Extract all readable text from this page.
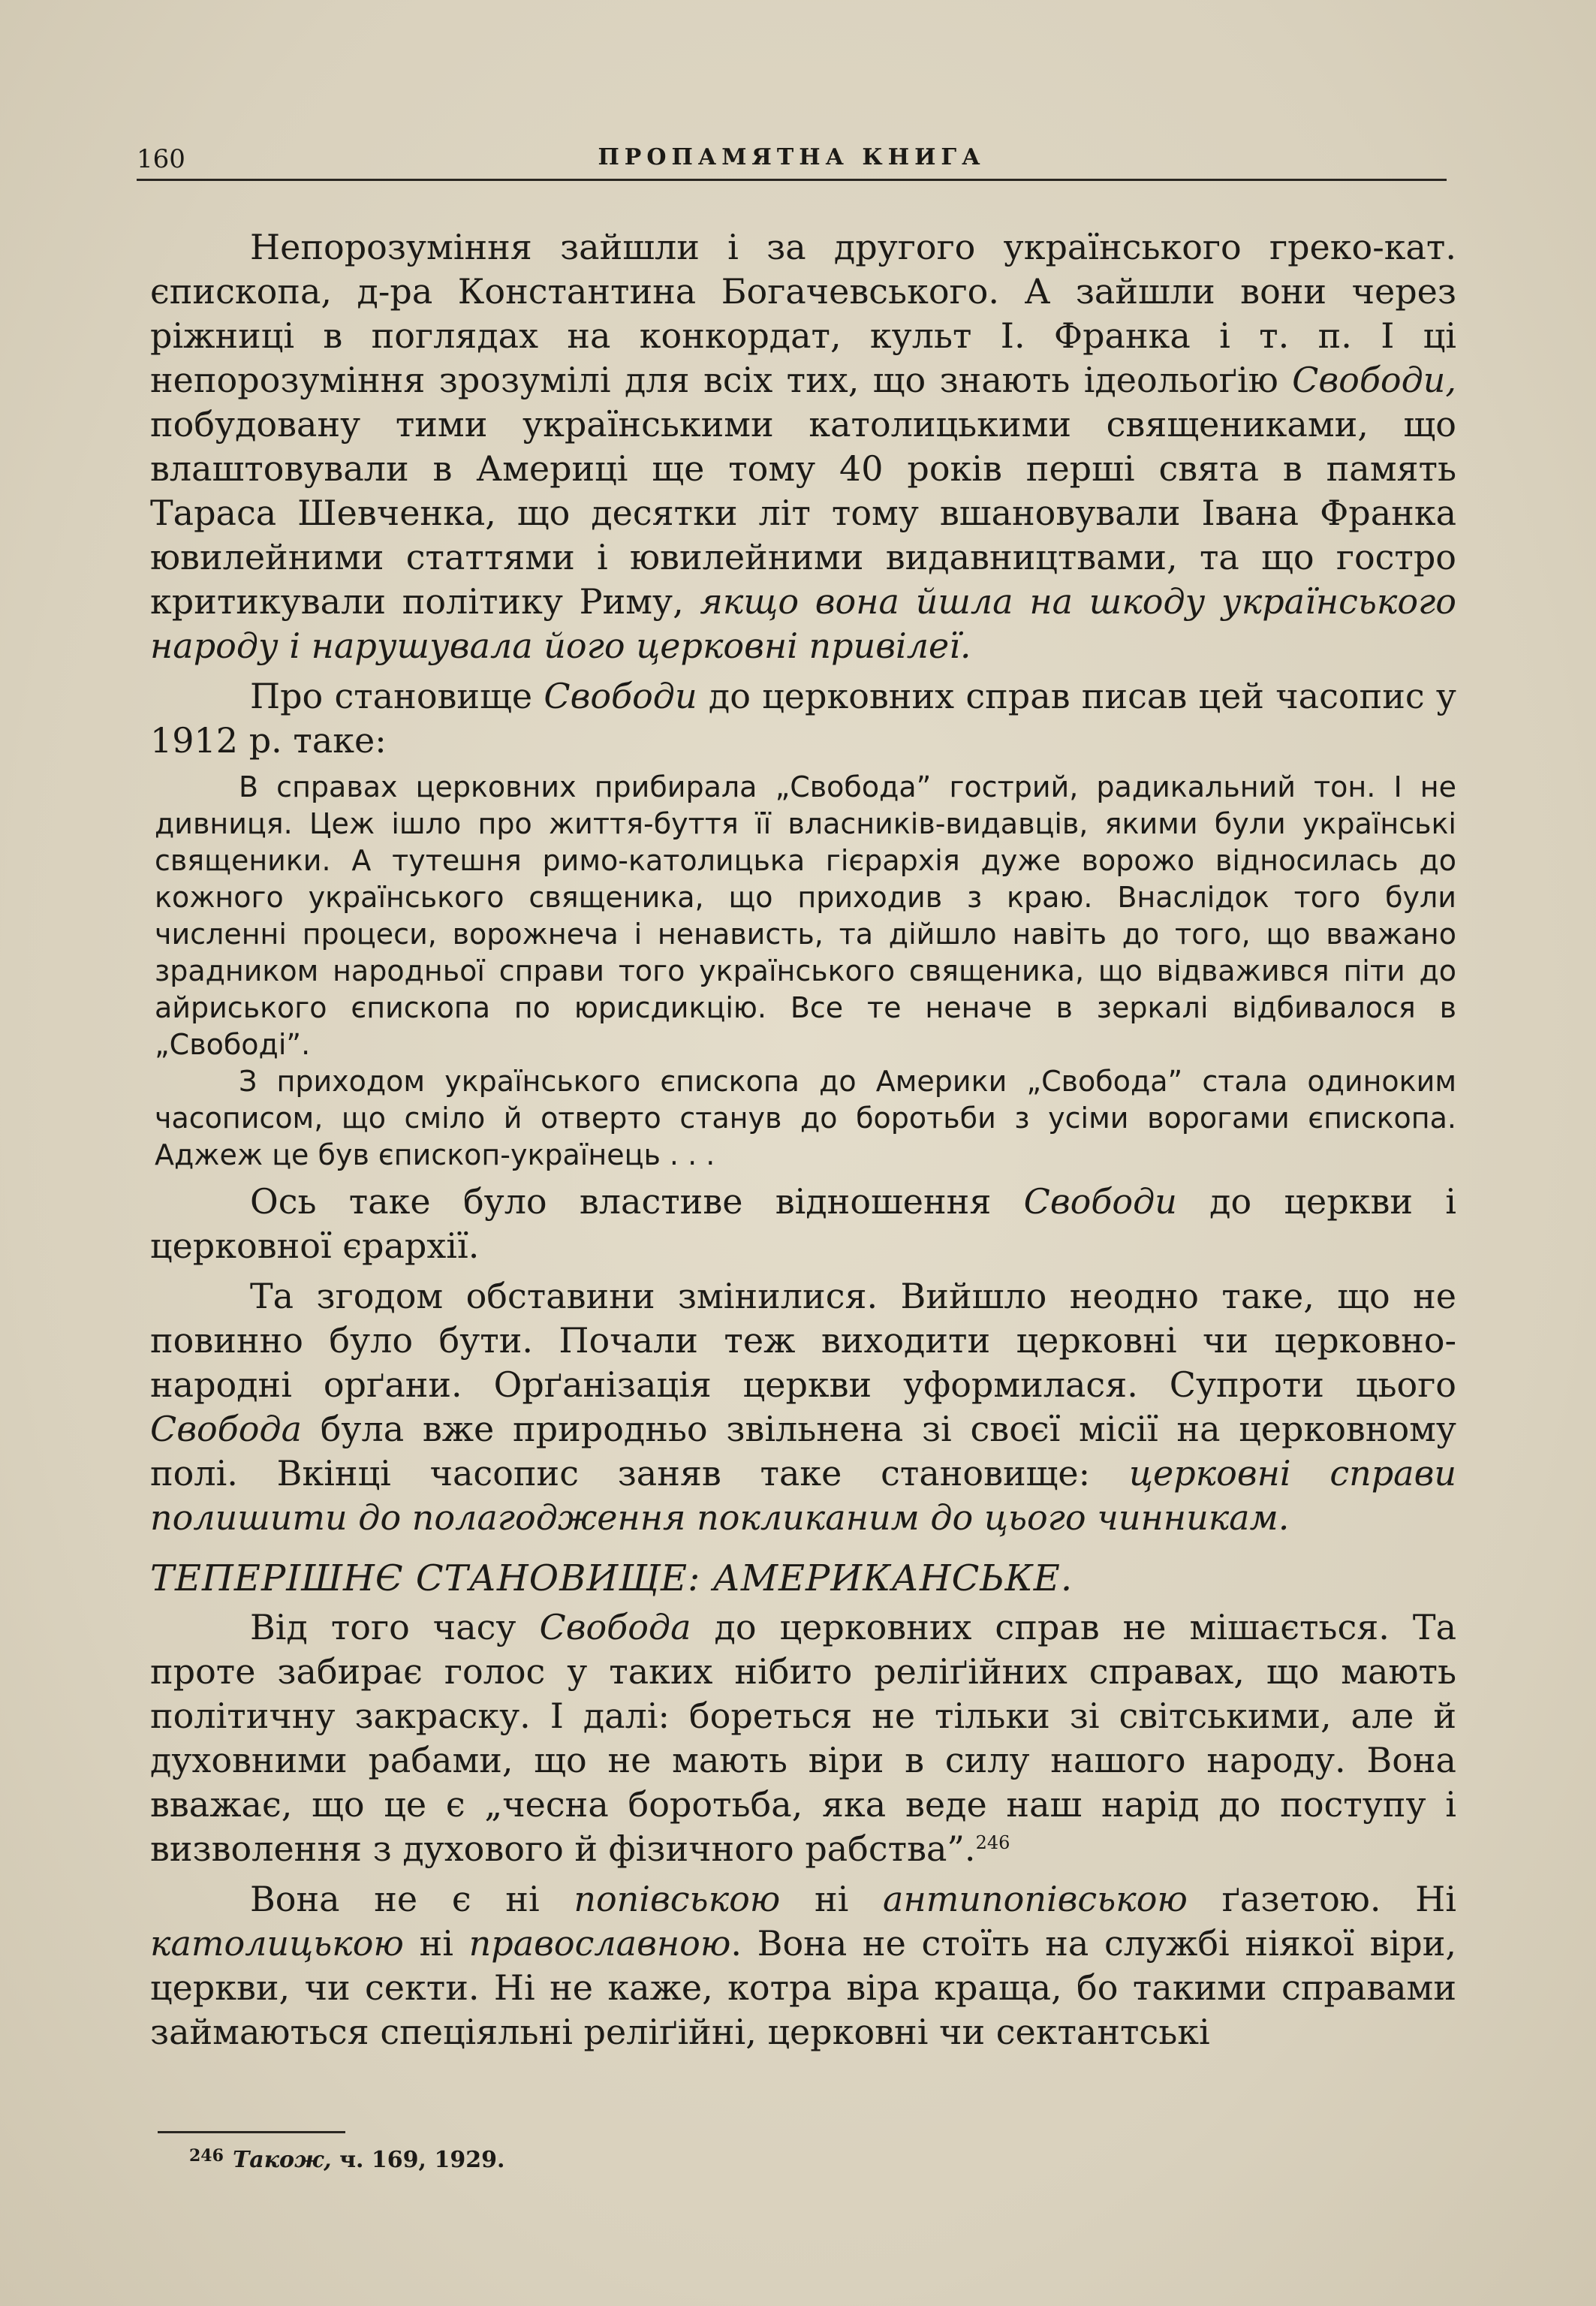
160	ПРОПАМЯТНА КНИГА

Непорозуміння зайшли і за другого українського греко-кат. єпископа, д-ра Константина Богачевського. А зайшли вони через ріжниці в поглядах на конкордат, культ І. Франка і т. п. І ці непорозуміння зрозумілі для всіх тих, що знають ідеольоґію Свободи, побудовану тими українськими католицькими священиками, що влаштовували в Америці ще тому 40 років перші свята в память Тараса Шевченка, що десятки літ тому вшановували Івана Франка ювилейними статтями і ювилейними видавництвами, та що гостро критикували політику Риму, якщо вона йшла на шкоду українського народу і нарушувала його церковні привілеї.

Про становище Свободи до церковних справ писав цей часопис у 1912 р. таке:

В справах церковних прибирала „Свобода” гострий, радикальний тон. І не дивниця. Цеж ішло про життя-буття її власників-видавців, якими були українські священики. А тутешня римо-католицька гієрархія дуже ворожо відносилась до кожного українського священика, що приходив з краю. Внаслідок того були численні процеси, ворожнеча і ненависть, та дійшло навіть до того, що вважано зрадником народньої справи того українського священика, що відважився піти до айриського єпископа по юрисдикцію. Все те неначе в зеркалі відбивалося в „Свободі”.

З приходом українського єпископа до Америки „Свобода” стала одиноким часописом, що сміло й отверто станув до боротьби з усіми ворогами єпископа. Аджеж це був єпископ-українець . . .

Ось таке було властиве відношення Свободи до церкви і церковної єрархії.

Та згодом обставини змінилися. Вийшло неодно таке, що не повинно було бути. Почали теж виходити церковні чи церковно-народні орґани. Орґанізація церкви уформилася. Супроти цього Свобода була вже природньо звільнена зі своєї місії на церковному полі. Вкінці часопис заняв таке становище: церковні справи полишити до полагодження покликаним до цього чинникам.

ТЕПЕРІШНЄ СТАНОВИЩЕ: АМЕРИКАНСЬКЕ.

Від того часу Свобода до церковних справ не мішається. Та проте забирає голос у таких нібито реліґійних справах, що мають політичну закраску. І далі: бореться не тільки зі світськими, але й духовними рабами, що не мають віри в силу нашого народу. Вона вважає, що це є „чесна боротьба, яка веде наш нарід до поступу і визволення з духового й фізичного рабства”.$^{246}$

Вона не є ні попівською ні антипопівською ґазетою. Ні католицькою ні православною. Вона не стоїть на службі ніякої віри, церкви, чи секти. Ні не каже, котра віра краща, бо такими справами займаються спеціяльні реліґійні, церковні чи сектантські

$^{246}$ Також, ч. 169, 1929.
